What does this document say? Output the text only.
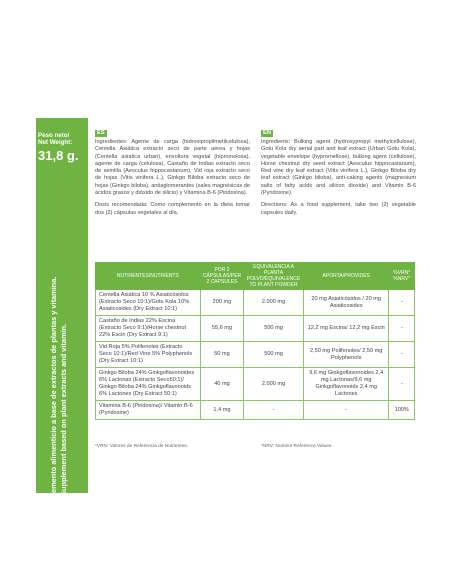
Peso neto/
Net Weight:
31,8 g.
Complemento alimenticio a base de extractos de plantas y vitamina. Food Supplement based on plant extracts and vitamin.
ES

Ingredientes: Agente de carga (hidroxipropilmetilcelulosa), Centella Asiática extracto seco de parte aérea y hojas (Centella asiatica urban), envoltura vegetal (hipromelosa), agente de carga (celulosa), Castaño de Indias extracto seco de semilla (Aesculus hippocastanum), Vid roja extracto seco de hojas (Vitis vinifera L.), Ginkgo Biloba extracto seco de hojas (Ginkgo biloba), antiaglomerantes (sales magnésicas de ácidos grasos y dióxido de silicio) y Vitamina B-6 (Piridoxina).

Dosis recomendada: Como complemento en la dieta tomar dos (2) cápsulas vegetales al día.

EN

Ingredients: Bulking agent (hydroxypropyl methylcellulose), Gotu Kola dry aerial part and leaf extract (Urban Gotu Kola), vegetable envelope (hypromellose), bulking agent (cellulose), Horse chestnut dry seed extract (Aesculus hippocastanum), Red vine dry leaf extract (Vitis vinifera L.), Ginkgo Biloba dry leaf extract (Ginkgo biloba), anti-caking agents (magnesium salts of fatty acids and silicon dioxide) and Vitamin B-6 (Pyridoxine).

Directions: As a food supplement, take two (2) vegetable capsules daily.

NUTRIENTES/NUTRIENTS	POR 2 CÁPSULAS/PER 2 CAPSULES	EQUIVALENCIA A PLANTA POLVO/EQUIVALENCE TO PLANT POWDER	APORTA/PROVIDES	%VRN* %NRV*
Centella Asiática 10 % Asiaticósidos (Extracto Seco 10:1)/Gotu Kola 10% Asiaticosides (Dry Extract 10:1)	200 mg	2.000 mg	20 mg Asiaticósidos / 20 mg Asiaticosides	-
Castaño de Indias 22% Escina (Extracto Seco 9:1)/Horse chestnut 22% Escin (Dry Extract 9:1)	55,6 mg	500 mg	12,2 mg Escina/ 12,2 mg Escin	-
Vid Roja 5% Polifenoles (Extracto Seco 10:1)/Red Vine 5% Polyphenols (Dry Extract 10:1)	50 mg	500 mg	2,50 mg Polifenoles/ 2,50 mg Polyphenols	-
Ginkgo Biloba 24% Ginkgoflavonoides 6% Lactonas (Extracto Seco50:1)/ Ginkgo Biloba 24% Ginkgoflavonoids 6% Lactones (Dry Extract 50:1)	40 mg	2.000 mg	9,6 mg Ginkgoflavonoides 2,4 mg Lactonas/9,6 mg Ginkgoflavonoids 2,4 mg Lactones	-
Vitamina B-6 (Piridoxina)/ Vitamin B-6 (Pyridoxine)	1,4 mg	-	-	100%
*VRN: Valores de Referencia de Nutrientes.	*NRV: Nutrient Reference Values.
